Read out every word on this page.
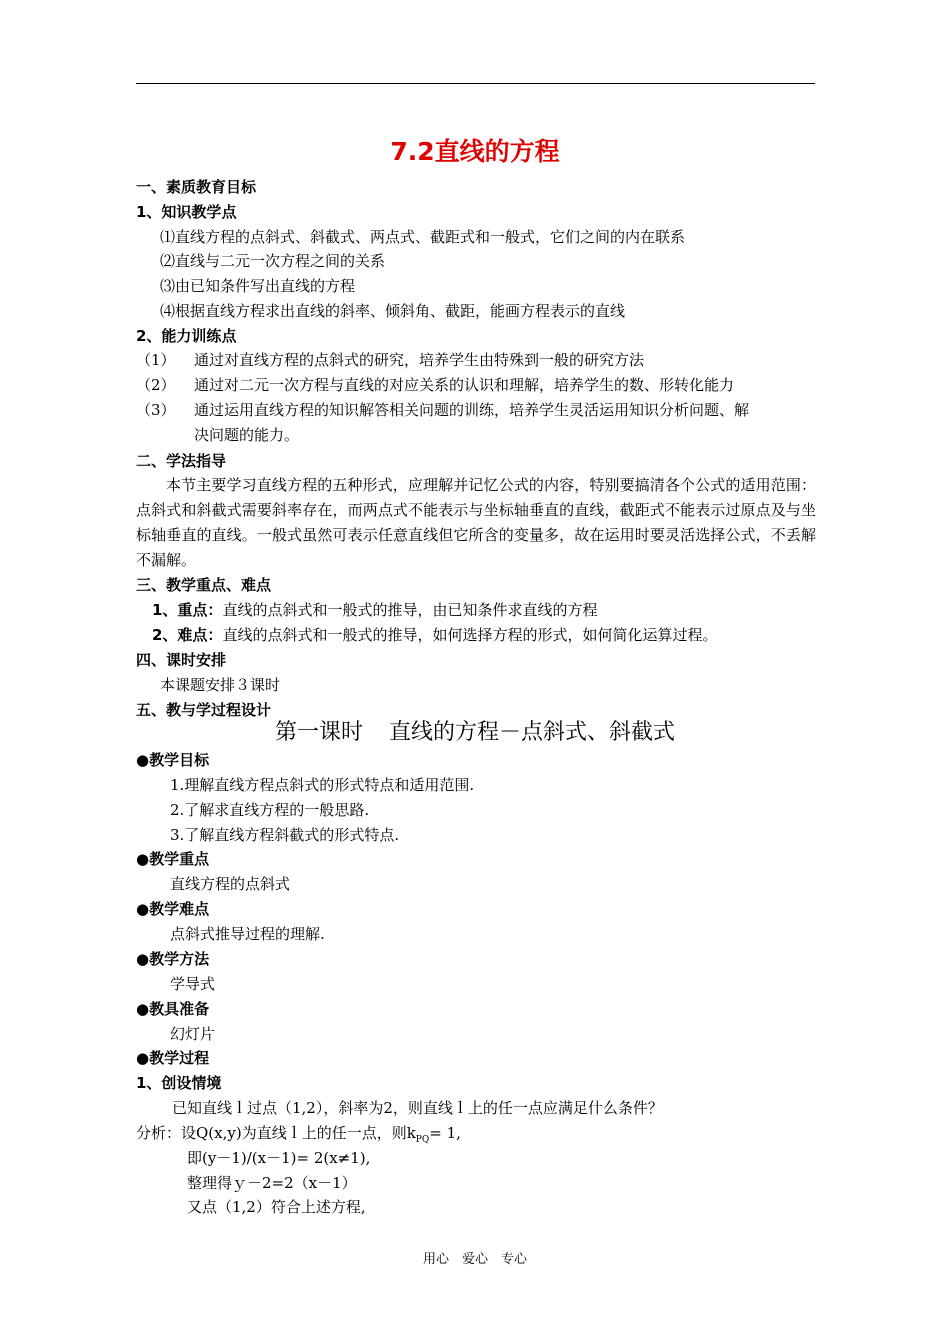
7.2直线的方程
一、素质教育目标
1、知识教学点
⑴直线方程的点斜式、斜截式、两点式、截距式和一般式，它们之间的内在联系
⑵直线与二元一次方程之间的关系
⑶由已知条件写出直线的方程
⑷根据直线方程求出直线的斜率、倾斜角、截距，能画方程表示的直线
2、能力训练点
（1） 通过对直线方程的点斜式的研究，培养学生由特殊到一般的研究方法
（2） 通过对二元一次方程与直线的对应关系的认识和理解，培养学生的数、形转化能力
（3） 通过运用直线方程的知识解答相关问题的训练，培养学生灵活运用知识分析问题、解
决问题的能力。
二、学法指导
本节主要学习直线方程的五种形式，应理解并记忆公式的内容，特别要搞清各个公式的适用范围：点斜式和斜截式需要斜率存在，而两点式不能表示与坐标轴垂直的直线，截距式不能表示过原点及与坐标轴垂直的直线。一般式虽然可表示任意直线但它所含的变量多，故在运用时要灵活选择公式，不丢解不漏解。
三、教学重点、难点
1、重点：直线的点斜式和一般式的推导，由已知条件求直线的方程
2、难点：直线的点斜式和一般式的推导，如何选择方程的形式，如何简化运算过程。
四、课时安排
本课题安排３课时
五、教与学过程设计
第一课时 直线的方程－点斜式、斜截式
●教学目标
1.理解直线方程点斜式的形式特点和适用范围.
2.了解求直线方程的一般思路.
3.了解直线方程斜截式的形式特点.
●教学重点
直线方程的点斜式
●教学难点
点斜式推导过程的理解.
●教学方法
学导式
●教具准备
幻灯片
●教学过程
1、创设情境
已知直线ｌ过点（1,2），斜率为2，则直线ｌ上的任一点应满足什么条件？
分析：设Q(x,y)为直线ｌ上的任一点，则$k_{PQ}= 1$,
即(y－1)/(x－1)= 2(x≠1),
整理得ｙ－2=2（x－1）
又点（1,2）符合上述方程,
用心　爱心　专心
